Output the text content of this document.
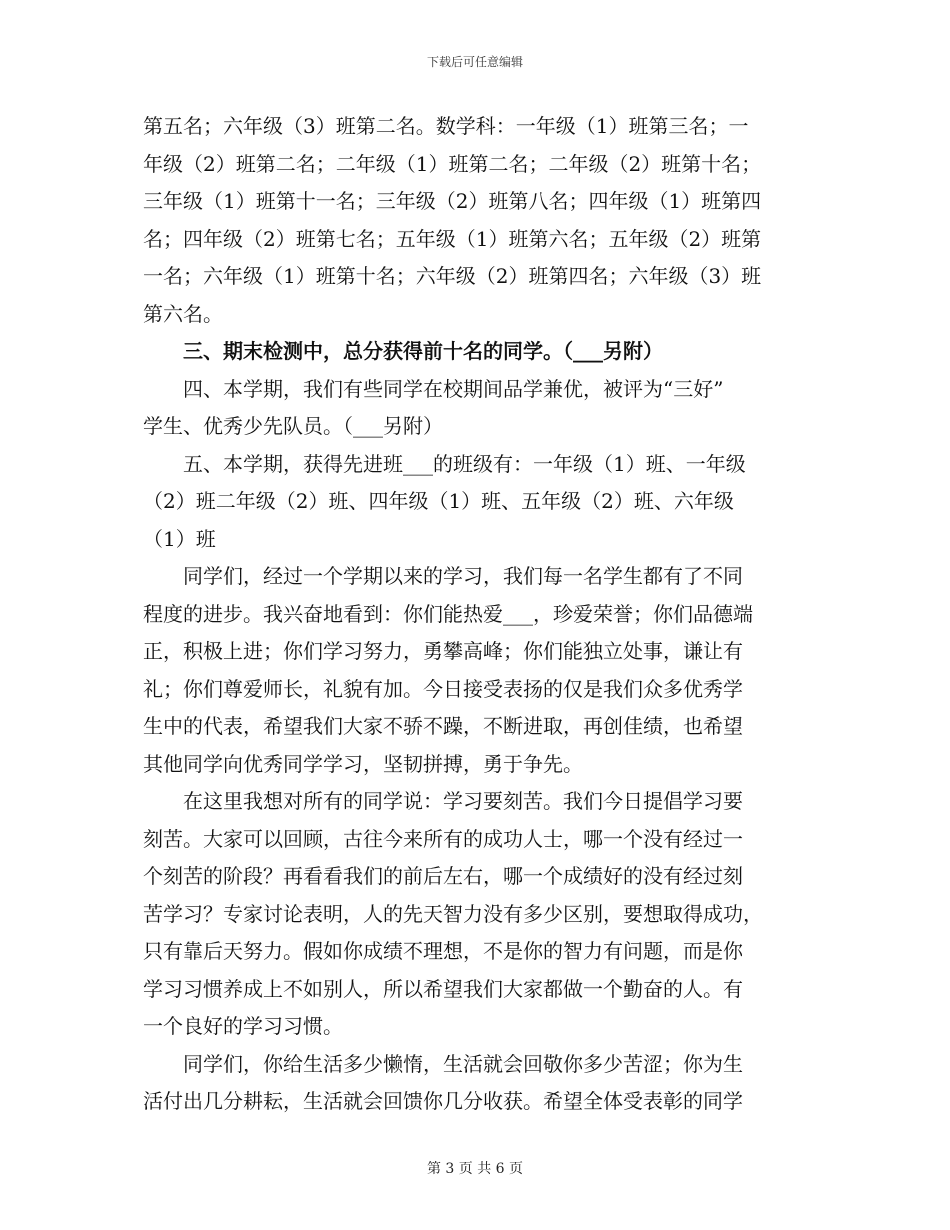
下载后可任意编辑
第五名；六年级（3）班第二名。数学科：一年级（1）班第三名；一
年级（2）班第二名；二年级（1）班第二名；二年级（2）班第十名；
三年级（1）班第十一名；三年级（2）班第八名；四年级（1）班第四
名；四年级（2）班第七名；五年级（1）班第六名；五年级（2）班第
一名；六年级（1）班第十名；六年级（2）班第四名；六年级（3）班
第六名。
　　三、期末检测中，总分获得前十名的同学。（___另附）
　　四、本学期，我们有些同学在校期间品学兼优，被评为“三好”
学生、优秀少先队员。（___另附）
　　五、本学期，获得先进班___的班级有：一年级（1）班、一年级
（2）班二年级（2）班、四年级（1）班、五年级（2）班、六年级
（1）班
　　同学们，经过一个学期以来的学习，我们每一名学生都有了不同
程度的进步。我兴奋地看到：你们能热爱___，珍爱荣誉；你们品德端
正，积极上进；你们学习努力，勇攀高峰；你们能独立处事，谦让有
礼；你们尊爱师长，礼貌有加。今日接受表扬的仅是我们众多优秀学
生中的代表，希望我们大家不骄不躁，不断进取，再创佳绩，也希望
其他同学向优秀同学学习，坚韧拼搏，勇于争先。
　　在这里我想对所有的同学说：学习要刻苦。我们今日提倡学习要
刻苦。大家可以回顾，古往今来所有的成功人士，哪一个没有经过一
个刻苦的阶段？再看看我们的前后左右，哪一个成绩好的没有经过刻
苦学习？专家讨论表明，人的先天智力没有多少区别，要想取得成功，
只有靠后天努力。假如你成绩不理想，不是你的智力有问题，而是你
学习习惯养成上不如别人，所以希望我们大家都做一个勤奋的人。有
一个良好的学习习惯。
　　同学们，你给生活多少懒惰，生活就会回敬你多少苦涩；你为生
活付出几分耕耘，生活就会回馈你几分收获。希望全体受表彰的同学
第 3 页 共 6 页
